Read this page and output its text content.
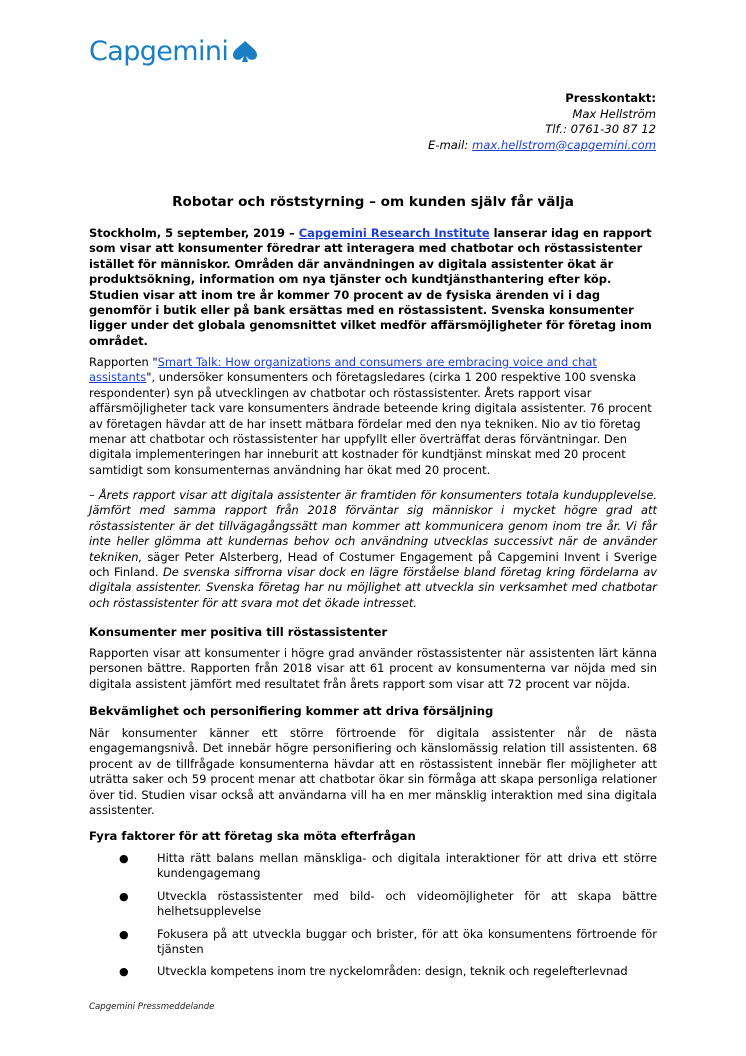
Capgemini
Presskontakt:
Max Hellström
Tlf.: 0761-30 87 12
E-mail: max.hellstrom@capgemini.com
Robotar och röststyrning – om kunden själv får välja
Stockholm, 5 september, 2019 – Capgemini Research Institute lanserar idag en rapport som visar att konsumenter föredrar att interagera med chatbotar och röstassistenter istället för människor. Områden där användningen av digitala assistenter ökat är produktsökning, information om nya tjänster och kundtjänsthantering efter köp. Studien visar att inom tre år kommer 70 procent av de fysiska ärenden vi i dag genomför i butik eller på bank ersättas med en röstassistent. Svenska konsumenter ligger under det globala genomsnittet vilket medför affärsmöjligheter för företag inom området.
Rapporten "Smart Talk: How organizations and consumers are embracing voice and chat assistants", undersöker konsumenters och företagsledares (cirka 1 200 respektive 100 svenska respondenter) syn på utvecklingen av chatbotar och röstassistenter. Årets rapport visar affärsmöjligheter tack vare konsumenters ändrade beteende kring digitala assistenter. 76 procent av företagen hävdar att de har insett mätbara fördelar med den nya tekniken. Nio av tio företag menar att chatbotar och röstassistenter har uppfyllt eller överträffat deras förväntningar. Den digitala implementeringen har inneburit att kostnader för kundtjänst minskat med 20 procent samtidigt som konsumenternas användning har ökat med 20 procent.
– Årets rapport visar att digitala assistenter är framtiden för konsumenters totala kundupplevelse. Jämfört med samma rapport från 2018 förväntar sig människor i mycket högre grad att röstassistenter är det tillvägagångssätt man kommer att kommunicera genom inom tre år. Vi får inte heller glömma att kundernas behov och användning utvecklas successivt när de använder tekniken, säger Peter Alsterberg, Head of Costumer Engagement på Capgemini Invent i Sverige och Finland. De svenska siffrorna visar dock en lägre förståelse bland företag kring fördelarna av digitala assistenter. Svenska företag har nu möjlighet att utveckla sin verksamhet med chatbotar och röstassistenter för att svara mot det ökade intresset.
Konsumenter mer positiva till röstassistenter
Rapporten visar att konsumenter i högre grad använder röstassistenter när assistenten lärt känna personen bättre. Rapporten från 2018 visar att 61 procent av konsumenterna var nöjda med sin digitala assistent jämfört med resultatet från årets rapport som visar att 72 procent var nöjda.
Bekvämlighet och personifiering kommer att driva försäljning
När konsumenter känner ett större förtroende för digitala assistenter når de nästa engagemangsnivå. Det innebär högre personifiering och känslomässig relation till assistenten. 68 procent av de tillfrågade konsumenterna hävdar att en röstassistent innebär fler möjligheter att uträtta saker och 59 procent menar att chatbotar ökar sin förmåga att skapa personliga relationer över tid. Studien visar också att användarna vill ha en mer mänsklig interaktion med sina digitala assistenter.
Fyra faktorer för att företag ska möta efterfrågan
●	Hitta rätt balans mellan mänskliga- och digitala interaktioner för att driva ett större kundengagemang
●	Utveckla röstassistenter med bild- och videomöjligheter för att skapa bättre helhetsupplevelse
●	Fokusera på att utveckla buggar och brister, för att öka konsumentens förtroende för tjänsten
●	Utveckla kompetens inom tre nyckelområden: design, teknik och regelefterlevnad
Capgemini Pressmeddelande
